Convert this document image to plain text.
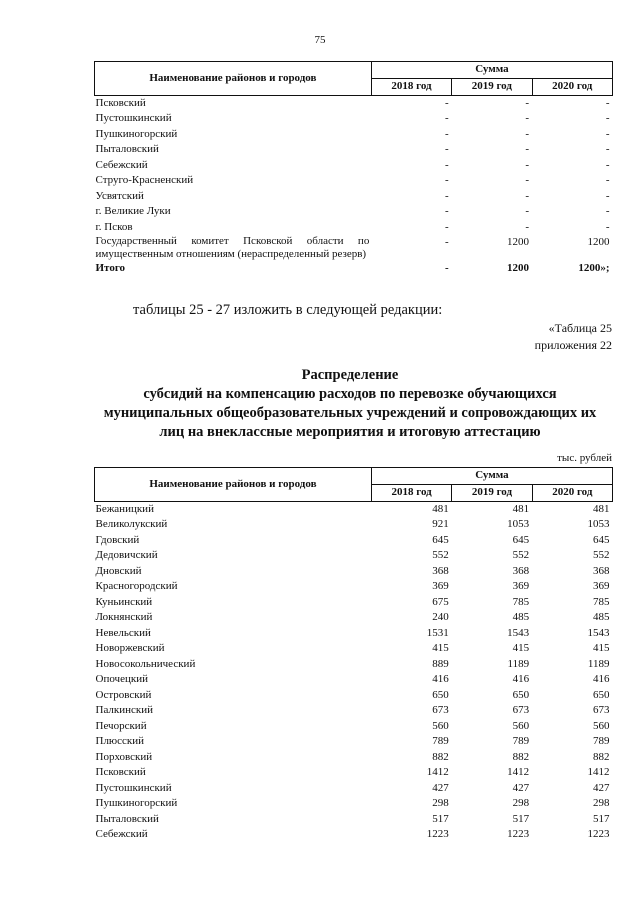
75
Наименование районов и городов	Сумма		
	2018 год	2019 год	2020 год
Псковский	-	-	-
Пустошкинский	-	-	-
Пушкиногорский	-	-	-
Пыталовский	-	-	-
Себежский	-	-	-
Струго-Красненский	-	-	-
Усвятский	-	-	-
г. Великие Луки	-	-	-
г. Псков	-	-	-
Государственный комитет Псковской области по имущественным отношениям (нераспределенный резерв)	-	1200	1200
Итого	-	1200	1200»;
таблицы 25 - 27 изложить в следующей редакции:
«Таблица 25
приложения 22
Распределение
субсидий на компенсацию расходов по перевозке обучающихся
муниципальных общеобразовательных учреждений и сопровождающих их
лиц на внеклассные мероприятия и итоговую аттестацию
тыс. рублей
Наименование районов и городов	Сумма		
	2018 год	2019 год	2020 год
Бежаницкий	481	481	481
Великолукский	921	1053	1053
Гдовский	645	645	645
Дедовичский	552	552	552
Дновский	368	368	368
Красногородский	369	369	369
Куньинский	675	785	785
Локнянский	240	485	485
Невельский	1531	1543	1543
Новоржевский	415	415	415
Новосокольнический	889	1189	1189
Опочецкий	416	416	416
Островский	650	650	650
Палкинский	673	673	673
Печорский	560	560	560
Плюсский	789	789	789
Порховский	882	882	882
Псковский	1412	1412	1412
Пустошкинский	427	427	427
Пушкиногорский	298	298	298
Пыталовский	517	517	517
Себежский	1223	1223	1223
